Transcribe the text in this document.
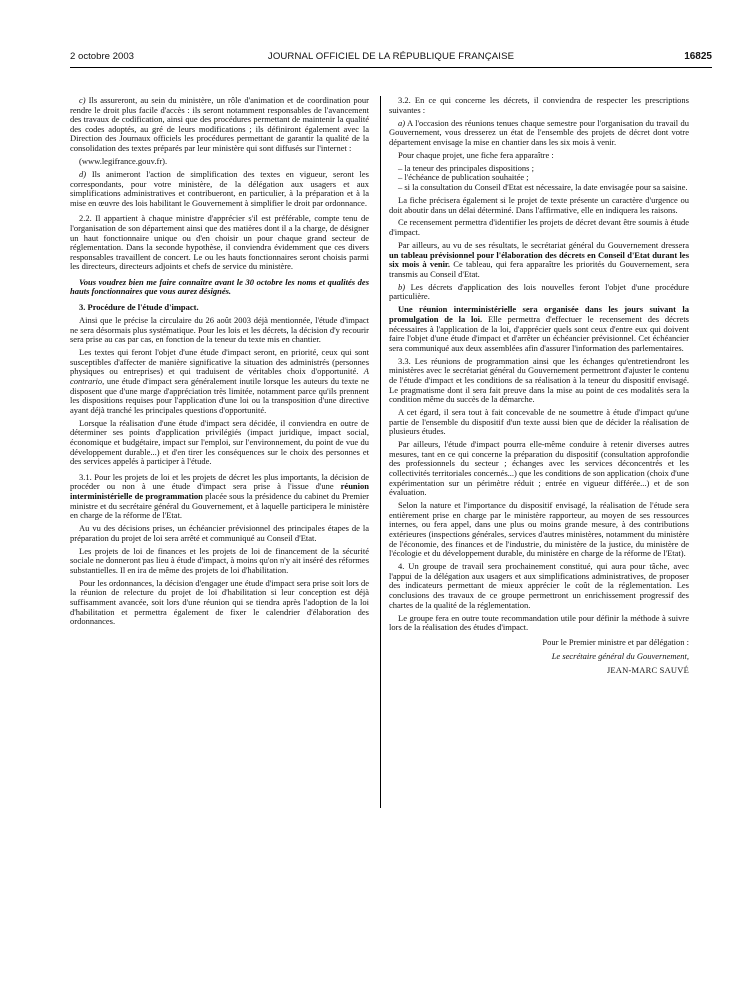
2 octobre 2003	JOURNAL OFFICIEL DE LA RÉPUBLIQUE FRANÇAISE	16825

c) Ils assureront, au sein du ministère, un rôle d'animation et de coordination pour rendre le droit plus facile d'accès : ils seront notamment responsables de l'avancement des travaux de codification, ainsi que des procédures permettant de maintenir la qualité des codes adoptés, au gré de leurs modifications ; ils définiront également avec la Direction des Journaux officiels les procédures permettant de garantir la qualité de la consolidation des textes préparés par leur ministère qui sont diffusés sur l'internet :

(www.legifrance.gouv.fr).

d) Ils animeront l'action de simplification des textes en vigueur, seront les correspondants, pour votre ministère, de la délégation aux usagers et aux simplifications administratives et contribueront, en particulier, à la préparation et à la mise en œuvre des lois habilitant le Gouvernement à simplifier le droit par ordonnance.

2.2. Il appartient à chaque ministre d'apprécier s'il est préférable, compte tenu de l'organisation de son département ainsi que des matières dont il a la charge, de désigner un haut fonctionnaire unique ou d'en choisir un pour chaque grand secteur de réglementation. Dans la seconde hypothèse, il conviendra évidemment que ces divers responsables travaillent de concert. Le ou les hauts fonctionnaires seront choisis parmi les directeurs, directeurs adjoints et chefs de service du ministère.

Vous voudrez bien me faire connaître avant le 30 octobre les noms et qualités des hauts fonctionnaires que vous aurez désignés.

3. Procédure de l'étude d'impact.

Ainsi que le précise la circulaire du 26 août 2003 déjà mentionnée, l'étude d'impact ne sera désormais plus systématique. Pour les lois et les décrets, la décision d'y recourir sera prise au cas par cas, en fonction de la teneur du texte mis en chantier.

Les textes qui feront l'objet d'une étude d'impact seront, en priorité, ceux qui sont susceptibles d'affecter de manière significative la situation des administrés (personnes physiques ou entreprises) et qui traduisent de véritables choix d'opportunité. A contrario, une étude d'impact sera généralement inutile lorsque les auteurs du texte ne disposent que d'une marge d'appréciation très limitée, notamment parce qu'ils prennent les dispositions requises pour l'application d'une loi ou la transposition d'une directive ayant déjà tranché les principales questions d'opportunité.

Lorsque la réalisation d'une étude d'impact sera décidée, il conviendra en outre de déterminer ses points d'application privilégiés (impact juridique, impact social, économique et budgétaire, impact sur l'emploi, sur l'environnement, du point de vue du développement durable...) et d'en tirer les conséquences sur le choix des personnes et des services appelés à participer à l'étude.

3.1. Pour les projets de loi et les projets de décret les plus importants, la décision de procéder ou non à une étude d'impact sera prise à l'issue d'une réunion interministérielle de programmation placée sous la présidence du cabinet du Premier ministre et du secrétaire général du Gouvernement, et à laquelle participera le ministère en charge de la réforme de l'Etat.

Au vu des décisions prises, un échéancier prévisionnel des principales étapes de la préparation du projet de loi sera arrêté et communiqué au Conseil d'Etat.

Les projets de loi de finances et les projets de loi de financement de la sécurité sociale ne donneront pas lieu à étude d'impact, à moins qu'on n'y ait inséré des réformes substantielles. Il en ira de même des projets de loi d'habilitation.

Pour les ordonnances, la décision d'engager une étude d'impact sera prise soit lors de la réunion de relecture du projet de loi d'habilitation si leur conception est déjà suffisamment avancée, soit lors d'une réunion qui se tiendra après l'adoption de la loi d'habilitation et permettra également de fixer le calendrier d'élaboration des ordonnances.

3.2. En ce qui concerne les décrets, il conviendra de respecter les prescriptions suivantes :

a) A l'occasion des réunions tenues chaque semestre pour l'organisation du travail du Gouvernement, vous dresserez un état de l'ensemble des projets de décret dont votre département envisage la mise en chantier dans les six mois à venir.

Pour chaque projet, une fiche fera apparaître :

– la teneur des principales dispositions ;
– l'échéance de publication souhaitée ;
– si la consultation du Conseil d'Etat est nécessaire, la date envisagée pour sa saisine.

La fiche précisera également si le projet de texte présente un caractère d'urgence ou doit aboutir dans un délai déterminé. Dans l'affirmative, elle en indiquera les raisons.

Ce recensement permettra d'identifier les projets de décret devant être soumis à étude d'impact.

Par ailleurs, au vu de ses résultats, le secrétariat général du Gouvernement dressera un tableau prévisionnel pour l'élaboration des décrets en Conseil d'Etat durant les six mois à venir. Ce tableau, qui fera apparaître les priorités du Gouvernement, sera transmis au Conseil d'Etat.

b) Les décrets d'application des lois nouvelles feront l'objet d'une procédure particulière.

Une réunion interministérielle sera organisée dans les jours suivant la promulgation de la loi. Elle permettra d'effectuer le recensement des décrets nécessaires à l'application de la loi, d'apprécier quels sont ceux d'entre eux qui doivent faire l'objet d'une étude d'impact et d'arrêter un échéancier prévisionnel. Cet échéancier sera communiqué aux deux assemblées afin d'assurer l'information des parlementaires.

3.3. Les réunions de programmation ainsi que les échanges qu'entretiendront les ministères avec le secrétariat général du Gouvernement permettront d'ajuster le contenu de l'étude d'impact et les conditions de sa réalisation à la teneur du dispositif envisagé. Le pragmatisme dont il sera fait preuve dans la mise au point de ces modalités sera la condition même du succès de la démarche.

A cet égard, il sera tout à fait concevable de ne soumettre à étude d'impact qu'une partie de l'ensemble du dispositif d'un texte aussi bien que de décider la réalisation de plusieurs études.

Par ailleurs, l'étude d'impact pourra elle-même conduire à retenir diverses autres mesures, tant en ce qui concerne la préparation du dispositif (consultation approfondie des professionnels du secteur ; échanges avec les services déconcentrés et les collectivités territoriales concernés...) que les conditions de son application (choix d'une expérimentation sur un périmètre réduit ; entrée en vigueur différée...) et de son évaluation.

Selon la nature et l'importance du dispositif envisagé, la réalisation de l'étude sera entièrement prise en charge par le ministère rapporteur, au moyen de ses ressources internes, ou fera appel, dans une plus ou moins grande mesure, à des contributions extérieures (inspections générales, services d'autres ministères, notamment du ministère de l'économie, des finances et de l'industrie, du ministère de la justice, du ministère de l'écologie et du développement durable, du ministère en charge de la réforme de l'Etat).

4. Un groupe de travail sera prochainement constitué, qui aura pour tâche, avec l'appui de la délégation aux usagers et aux simplifications administratives, de proposer des indicateurs permettant de mieux apprécier le coût de la réglementation. Les conclusions des travaux de ce groupe permettront un enrichissement progressif des chartes de la qualité de la réglementation.

Le groupe fera en outre toute recommandation utile pour définir la méthode à suivre lors de la réalisation des études d'impact.

Pour le Premier ministre et par délégation :

Le secrétaire général du Gouvernement,

JEAN-MARC SAUVÉ
